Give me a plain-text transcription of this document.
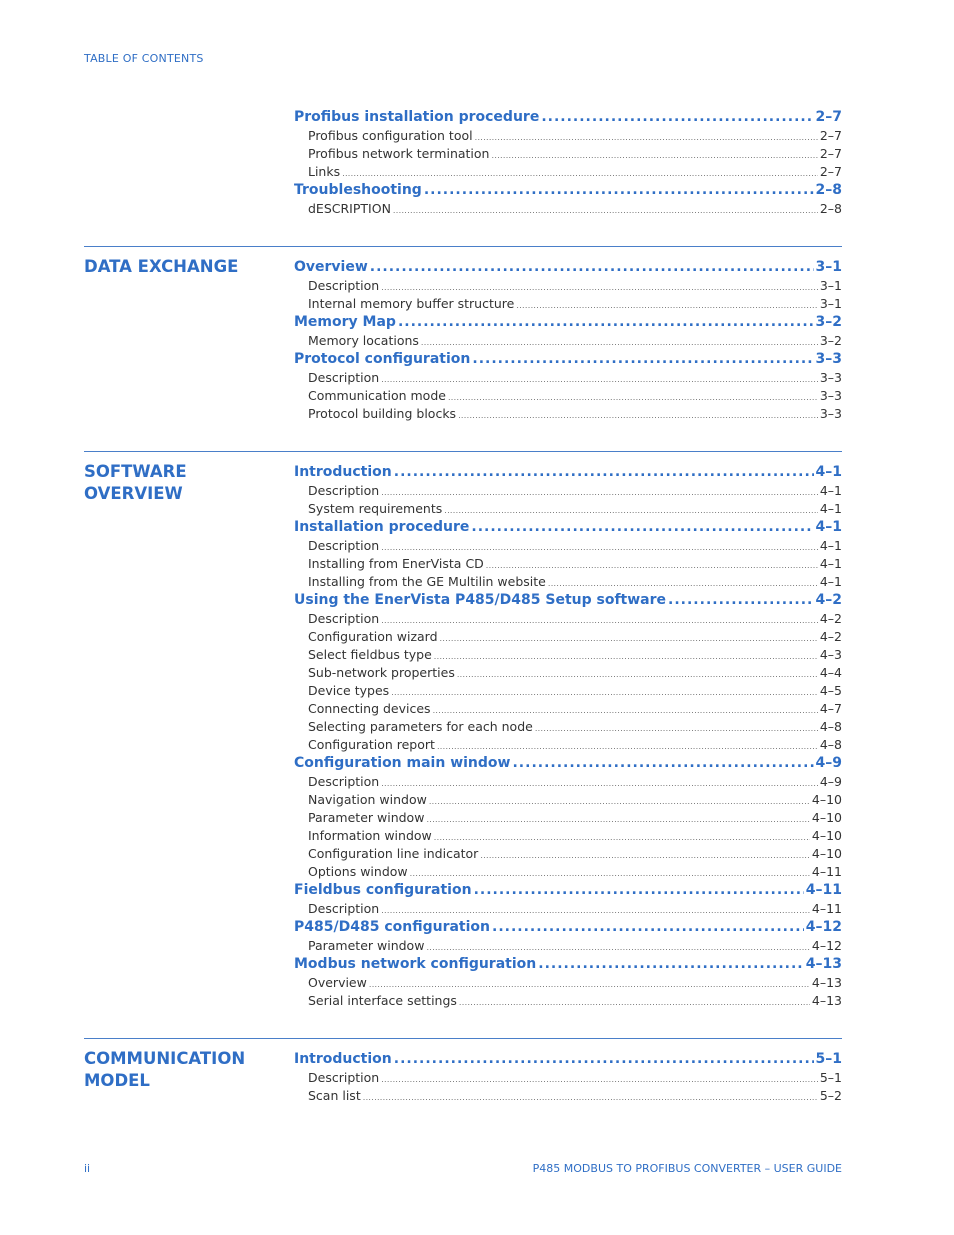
TABLE OF CONTENTS
Profibus installation procedure .....	2–7
Profibus configuration tool .....	2–7
Profibus network termination .....	2–7
Links .....	2–7
Troubleshooting .....	2–8
dESCRIPTION .....	2–8
DATA EXCHANGE	Overview .....	3–1
Description .....	3–1
Internal memory buffer structure .....	3–1
Memory Map .....	3–2
Memory locations .....	3–2
Protocol configuration .....	3–3
Description .....	3–3
Communication mode .....	3–3
Protocol building blocks .....	3–3
SOFTWARE OVERVIEW
Introduction .....	4–1
Description .....	4–1
System requirements .....	4–1
Installation procedure .....	4–1
Description .....	4–1
Installing from EnerVista CD .....	4–1
Installing from the GE Multilin website .....	4–1
Using the EnerVista P485/D485 Setup software .....	4–2
Description .....	4–2
Configuration wizard .....	4–2
Select fieldbus type .....	4–3
Sub-network properties .....	4–4
Device types .....	4–5
Connecting devices .....	4–7
Selecting parameters for each node .....	4–8
Configuration report .....	4–8
Configuration main window .....	4–9
Description .....	4–9
Navigation window .....	4–10
Parameter window .....	4–10
Information window .....	4–10
Configuration line indicator .....	4–10
Options window .....	4–11
Fieldbus configuration .....	4–11
Description .....	4–11
P485/D485 configuration .....	4–12
Parameter window .....	4–12
Modbus network configuration .....	4–13
Overview .....	4–13
Serial interface settings .....	4–13
COMMUNICATION MODEL
Introduction .....	5–1
Description .....	5–1
Scan list .....	5–2
ii	P485 MODBUS TO PROFIBUS CONVERTER – USER GUIDE
